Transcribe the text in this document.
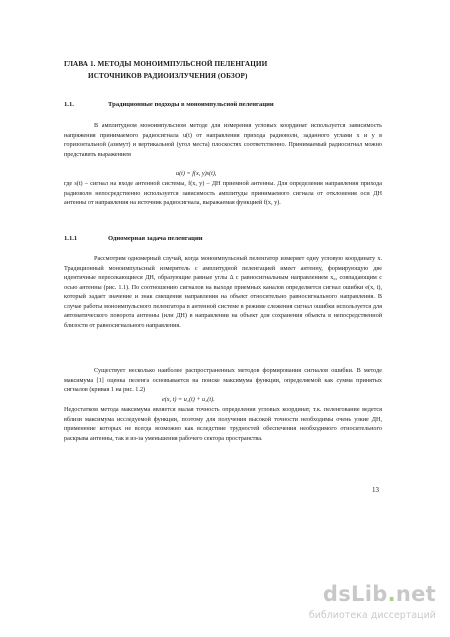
ГЛАВА 1. МЕТОДЫ МОНОИМПУЛЬСНОЙ ПЕЛЕНГАЦИИ
ИСТОЧНИКОВ РАДИОИЗЛУЧЕНИЯ (ОБЗОР)
1.1.	Традиционные подходы в моноимпульсной пеленгации
В амплитудном моноимпульсном методе для измерения угловых координат используется зависимость напряжения принимаемого радиосигнала u(t) от направления прихода радиоволн, заданного углами x и y в горизонтальной (азимут) и вертикальной (угол места) плоскостях соответственно. Принимаемый радиосигнал можно представить выражением
u(t) = f(x, y)s(t),
где s(t) – сигнал на входе антенной системы, f(x, y) – ДН приемной антенны. Для определения направления прихода радиоволн непосредственно используется зависимость амплитуды принимаемого сигнала от отклонения оси ДН антенны от направления на источник радиосигнала, выражаемая функцией f(x, y).
1.1.1	Одномерная задача пеленгации
Рассмотрим одномерный случай, когда моноимпульсный пеленгатор измеряет одну угловую координату x. Традиционный моноимпульсный измеритель с амплитудной пеленгацией имеет антенну, формирующую две идентичные пересекающиеся ДН, образующие равные углы Δ с равносигнальным направлением x₀, совпадающим с осью антенны (рис. 1.1). По соотношению сигналов на выходе приемных каналов определяется сигнал ошибки e(x, t), который задает значение и знак смещения направления на объект относительно равносигнального направления. В случае работы моноимпульсного пеленгатора в антенной системе в режиме слежения сигнал ошибки используется для автоматического поворота антенны (или ДН) в направлении на объект для сохранения объекта в непосредственной близости от равносигнального направления.
Существует несколько наиболее распространенных методов формирования сигналов ошибки. В методе максимума [1] оценка пеленга основывается на поиске максимума функции, определяемой как сумма принятых сигналов (кривая 1 на рис. 1.2)
e(x, t) = u₁(t) + u₂(t).
Недостатком метода максимума является малая точность определения угловых координат, т.к. пеленгование ведется вблизи максимума исследуемой функции, поэтому для получения высокой точности необходимы очень узкие ДН, применение которых не всегда возможно как вследствие трудностей обеспечения необходимого относительного раскрыва антенны, так и из-за уменьшения рабочего сектора пространства.
13
dsLib.net
библиотека диссертаций
